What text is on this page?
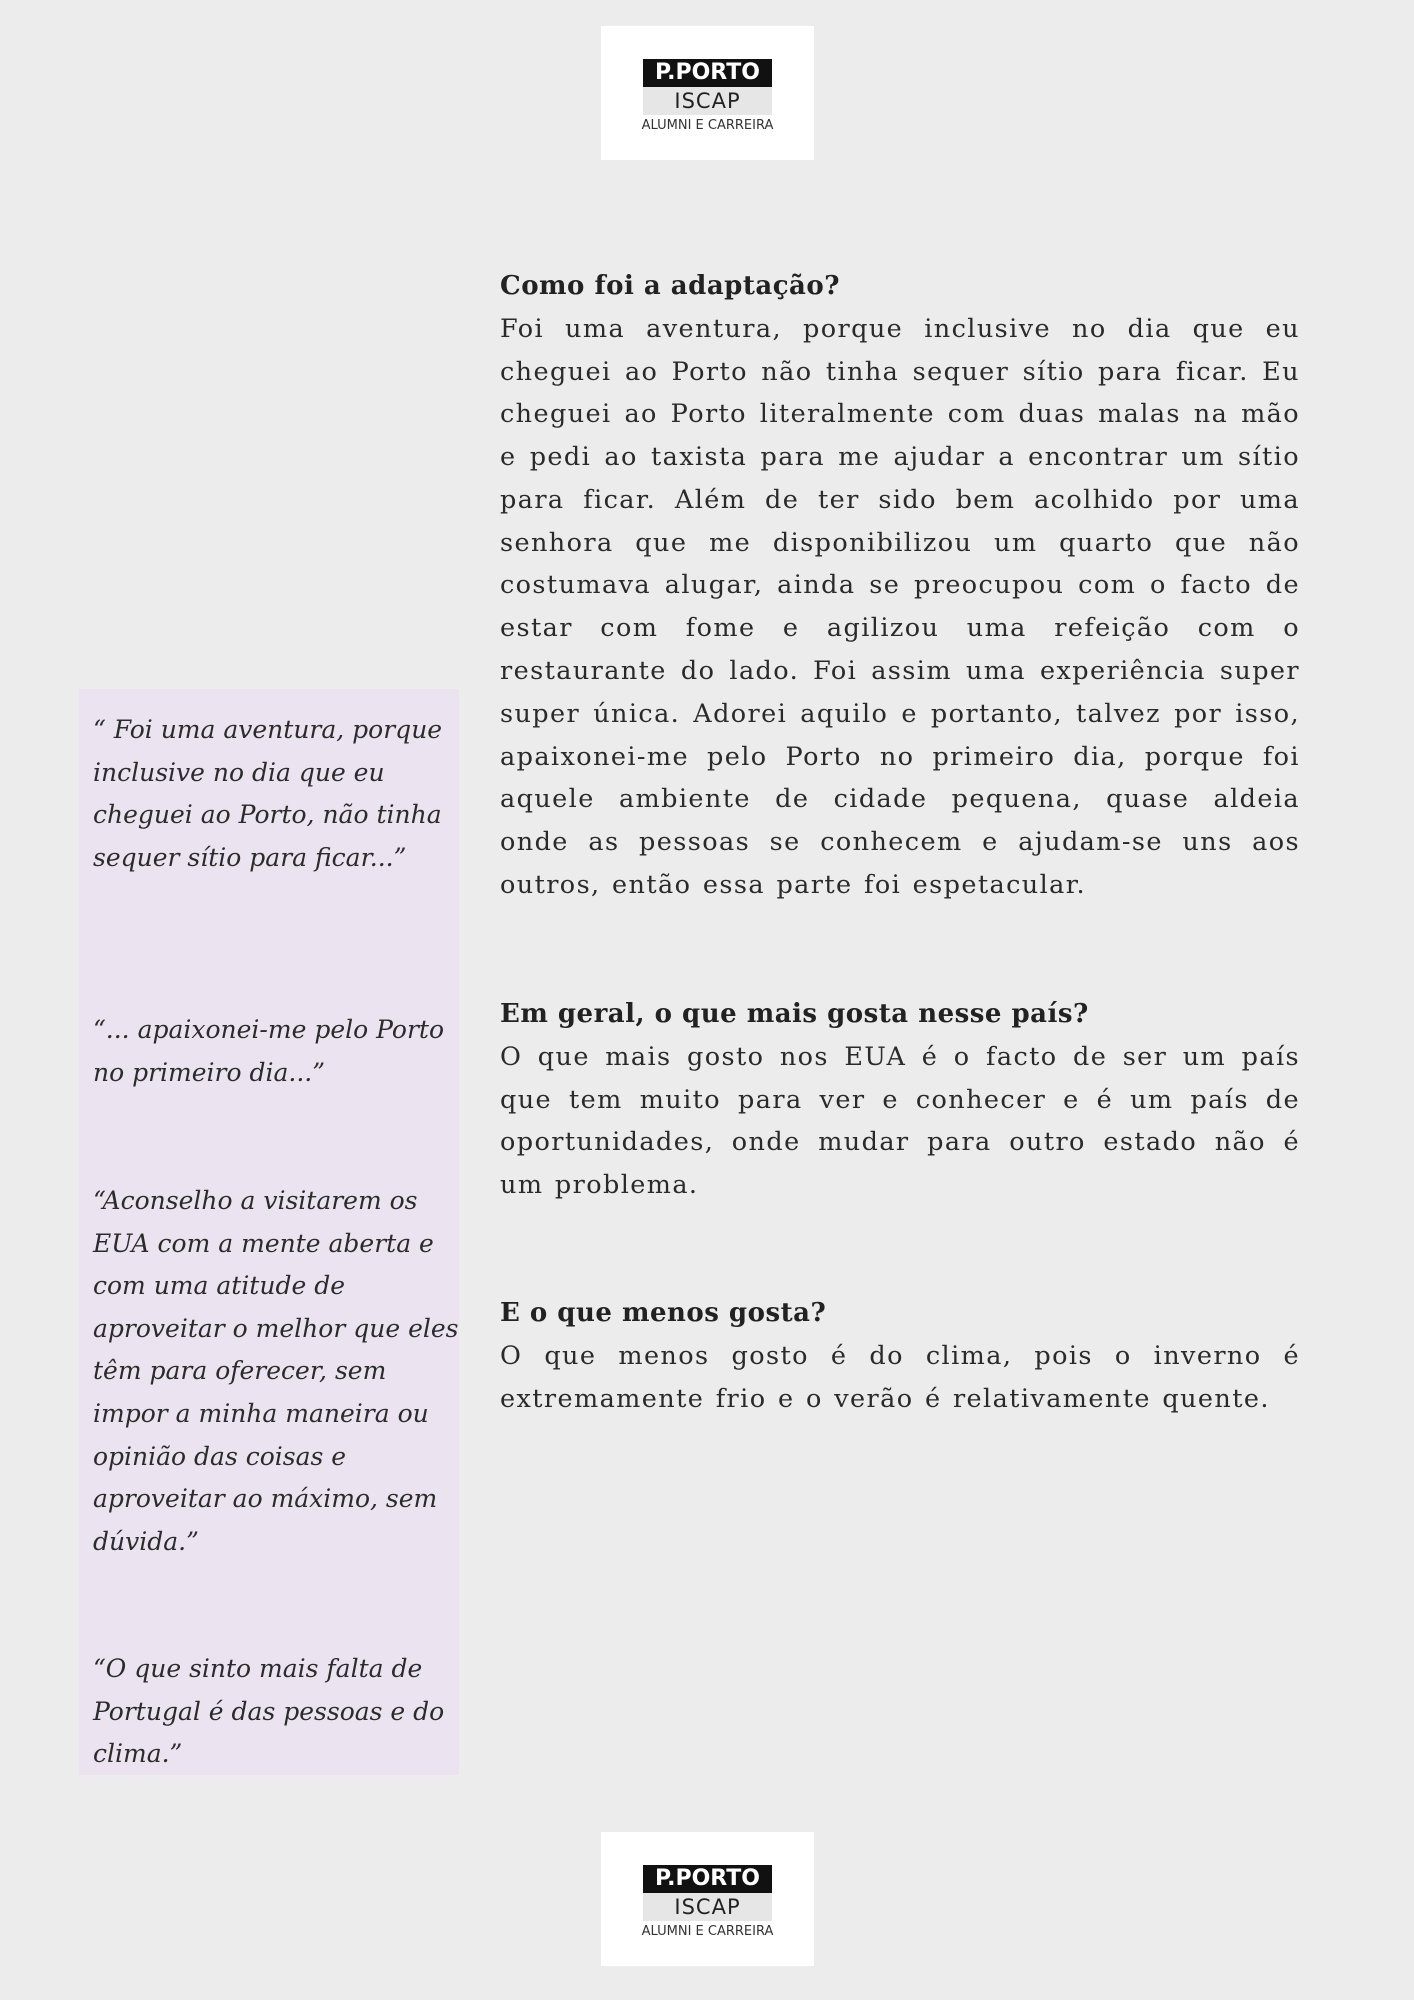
P.PORTO
ISCAP
ALUMNI E CARREIRA

“ Foi uma aventura, porque inclusive no dia que eu cheguei ao Porto, não tinha sequer sítio para ficar...”

“... apaixonei-me pelo Porto no primeiro dia...”

“Aconselho a visitarem os EUA com a mente aberta e com uma atitude de aproveitar o melhor que eles têm para oferecer, sem impor a minha maneira ou opinião das coisas e aproveitar ao máximo, sem dúvida.”

“O que sinto mais falta de Portugal é das pessoas e do clima.”

Como foi a adaptação?
Foi uma aventura, porque inclusive no dia que eu cheguei ao Porto não tinha sequer sítio para ficar. Eu cheguei ao Porto literalmente com duas malas na mão e pedi ao taxista para me ajudar a encontrar um sítio para ficar. Além de ter sido bem acolhido por uma senhora que me disponibilizou um quarto que não costumava alugar, ainda se preocupou com o facto de estar com fome e agilizou uma refeição com o restaurante do lado. Foi assim uma experiência super super única. Adorei aquilo e portanto, talvez por isso, apaixonei-me pelo Porto no primeiro dia, porque foi aquele ambiente de cidade pequena, quase aldeia onde as pessoas se conhecem e ajudam-se uns aos outros, então essa parte foi espetacular.
Em geral, o que mais gosta nesse país?
O que mais gosto nos EUA é o facto de ser um país que tem muito para ver e conhecer e é um país de oportunidades, onde mudar para outro estado não é um problema.
E o que menos gosta?
O que menos gosto é do clima, pois o inverno é extremamente frio e o verão é relativamente quente.
P.PORTO
ISCAP
ALUMNI E CARREIRA
